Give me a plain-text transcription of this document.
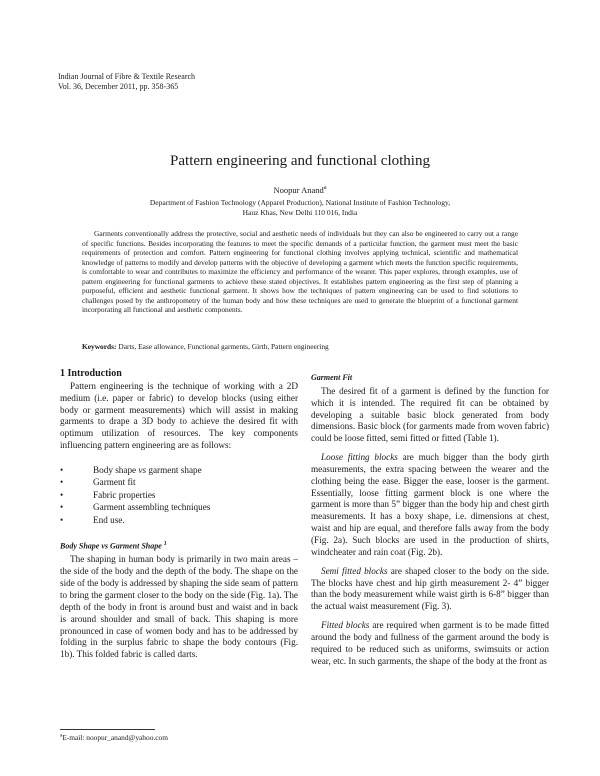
Indian Journal of Fibre & Textile Research
Vol. 36, December 2011, pp. 358-365
Pattern engineering and functional clothing
Noopur Anand$^a$
Department of Fashion Technology (Apparel Production), National Institute of Fashion Technology,
Hauz Khas, New Delhi 110 016, India

Garments conventionally address the protective, social and aesthetic needs of individuals but they can also be engineered to carry out a range of specific functions. Besides incorporating the features to meet the specific demands of a particular function, the garment must meet the basic requirements of protection and comfort. Pattern engineering for functional clothing involves applying technical, scientific and mathematical knowledge of patterns to modify and develop patterns with the objective of developing a garment which meets the function specific requirements, is comfortable to wear and contributes to maximize the efficiency and performance of the wearer. This paper explores, through examples, use of pattern engineering for functional garments to achieve these stated objectives. It establishes pattern engineering as the first step of planning a purposeful, efficient and aesthetic functional garment. It shows how the techniques of pattern engineering can be used to find solutions to challenges posed by the anthropometry of the human body and how these techniques are used to generate the blueprint of a functional garment incorporating all functional and aesthetic components.

Keywords: Darts, Ease allowance, Functional garments, Girth, Pattern engineering
1 Introduction

Pattern engineering is the technique of working with a 2D medium (i.e. paper or fabric) to develop blocks (using either body or garment measurements) which will assist in making garments to drape a 3D body to achieve the desired fit with optimum utilization of resources. The key components influencing pattern engineering are as follows:

•	Body shape vs garment shape
•	Garment fit
•	Fabric properties
•	Garment assembling techniques
•	End use.
Body Shape vs Garment Shape $^1$

The shaping in human body is primarily in two main areas – the side of the body and the depth of the body. The shape on the side of the body is addressed by shaping the side seam of pattern to bring the garment closer to the body on the side (Fig. 1a). The depth of the body in front is around bust and waist and in back is around shoulder and small of back. This shaping is more pronounced in case of women body and has to be addressed by folding in the surplus fabric to shape the body contours (Fig. 1b). This folded fabric is called darts.

$^a$E-mail: noopur_anand@yahoo.com
Garment Fit

The desired fit of a garment is defined by the function for which it is intended. The required fit can be obtained by developing a suitable basic block generated from body dimensions. Basic block (for garments made from woven fabric) could be loose fitted, semi fitted or fitted (Table 1).

Loose fitting blocks are much bigger than the body girth measurements, the extra spacing between the wearer and the clothing being the ease. Bigger the ease, looser is the garment. Essentially, loose fitting garment block is one where the garment is more than 5” bigger than the body hip and chest girth measurements. It has a boxy shape, i.e. dimensions at chest, waist and hip are equal, and therefore falls away from the body (Fig. 2a). Such blocks are used in the production of shirts, windcheater and rain coat (Fig. 2b).

Semi fitted blocks are shaped closer to the body on the side. The blocks have chest and hip girth measurement 2- 4” bigger than the body measurement while waist girth is 6-8” bigger than the actual waist measurement (Fig. 3).

Fitted blocks are required when garment is to be made fitted around the body and fullness of the garment around the body is required to be reduced such as uniforms, swimsuits or action wear, etc. In such garments, the shape of the body at the front as
